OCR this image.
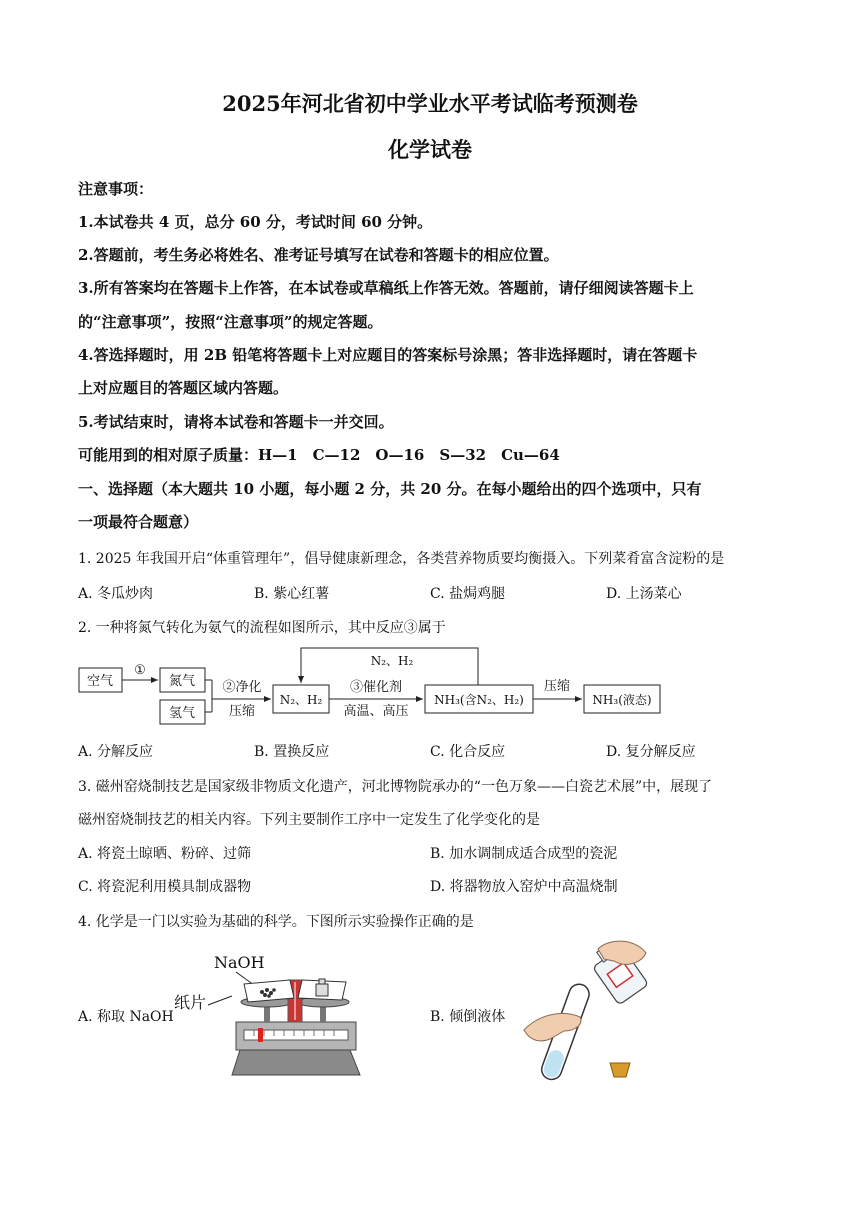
2025年河北省初中学业水平考试临考预测卷
化学试卷
注意事项：
1.本试卷共 4 页，总分 60 分，考试时间 60 分钟。
2.答题前，考生务必将姓名、准考证号填写在试卷和答题卡的相应位置。
3.所有答案均在答题卡上作答，在本试卷或草稿纸上作答无效。答题前，请仔细阅读答题卡上
的“注意事项”，按照“注意事项”的规定答题。
4.答选择题时，用 2B 铅笔将答题卡上对应题目的答案标号涂黑；答非选择题时，请在答题卡
上对应题目的答题区域内答题。
5.考试结束时，请将本试卷和答题卡一并交回。
可能用到的相对原子质量：H—1　C—12　O—16　S—32　Cu—64
一、选择题（本大题共 10 小题，每小题 2 分，共 20 分。在每小题给出的四个选项中，只有
一项最符合题意）
1. 2025 年我国开启“体重管理年”，倡导健康新理念，各类营养物质要均衡摄入。下列菜肴富含淀粉的是
A. 冬瓜炒肉	B. 紫心红薯	C. 盐焗鸡腿	D. 上汤菜心
2. 一种将氮气转化为氨气的流程如图所示，其中反应③属于
空气
①
氮气
氢气
②净化
压缩
N₂、H₂
③催化剂
高温、高压
NH₃(含N₂、H₂)
N₂、H₂
压缩
NH₃(液态)
A. 分解反应	B. 置换反应	C. 化合反应	D. 复分解反应
3. 磁州窑烧制技艺是国家级非物质文化遗产，河北博物院承办的“一色万象——白瓷艺术展”中，展现了
磁州窑烧制技艺的相关内容。下列主要制作工序中一定发生了化学变化的是
A. 将瓷土晾晒、粉碎、过筛	B. 加水调制成适合成型的瓷泥
C. 将瓷泥利用模具制成器物	D. 将器物放入窑炉中高温烧制
4. 化学是一门以实验为基础的科学。下图所示实验操作正确的是
A. 称取 NaOH	B. 倾倒液体
NaOH
纸片
